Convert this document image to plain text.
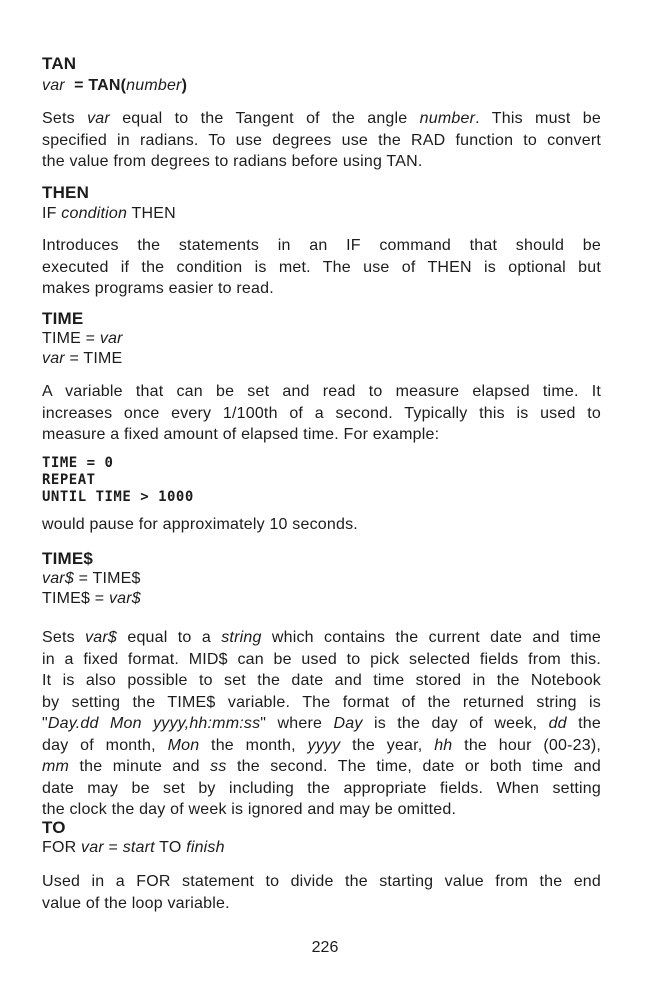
TAN
var  = TAN(number)
Sets var equal to the Tangent of the angle number. This must be
specified in radians. To use degrees use the RAD function to convert
the value from degrees to radians before using TAN.
THEN
IF condition THEN
Introduces the statements in an IF command that should be
executed if the condition is met. The use of THEN is optional but
makes programs easier to read.
TIME
TIME = var
var = TIME
A variable that can be set and read to measure elapsed time. It
increases once every 1/100th of a second. Typically this is used to
measure a fixed amount of elapsed time. For example:
TIME = 0
REPEAT
UNTIL TIME > 1000
would pause for approximately 10 seconds.
TIME$
var$ = TIME$
TIME$ = var$
Sets var$ equal to a string which contains the current date and time
in a fixed format. MID$ can be used to pick selected fields from this.
It is also possible to set the date and time stored in the Notebook
by setting the TIME$ variable. The format of the returned string is
"Day.dd Mon yyyy,hh:mm:ss" where Day is the day of week, dd the
day of month, Mon the month, yyyy the year, hh the hour (00-23),
mm the minute and ss the second. The time, date or both time and
date may be set by including the appropriate fields. When setting
the clock the day of week is ignored and may be omitted.
TO
FOR var = start TO finish
Used in a FOR statement to divide the starting value from the end
value of the loop variable.
226
